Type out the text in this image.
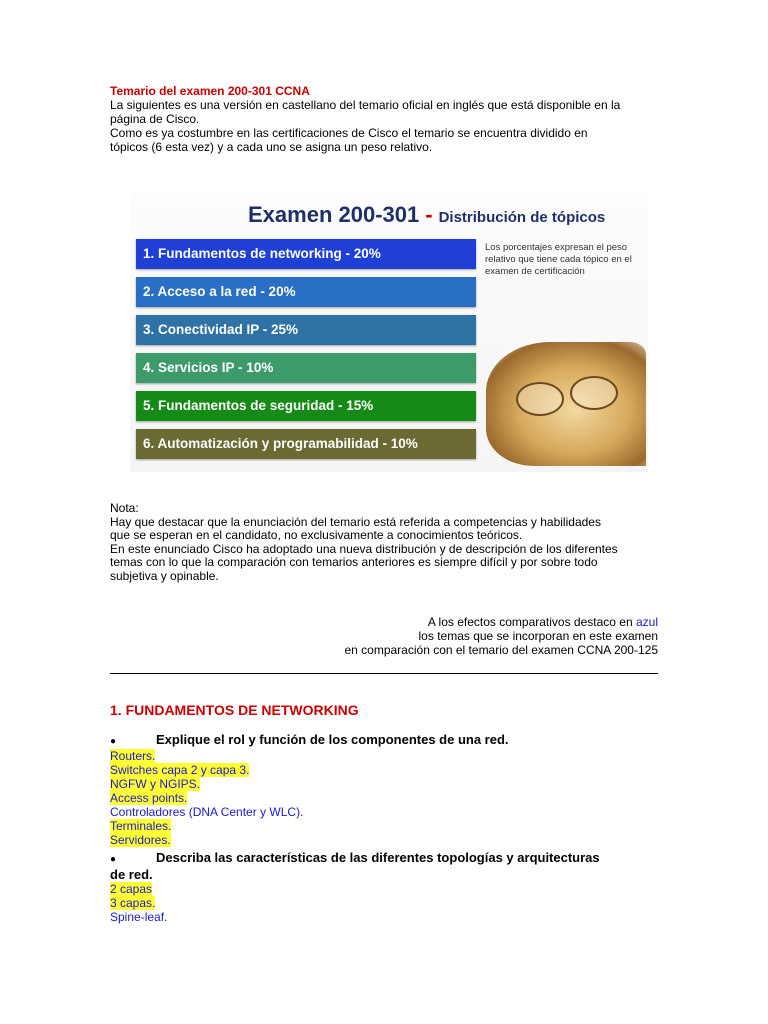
Temario del examen 200-301 CCNA

La siguientes es una versión en castellano del temario oficial en inglés que está disponible en la

página de Cisco.

Como es ya costumbre en las certificaciones de Cisco el temario se encuentra dividido en

tópicos (6 esta vez) y a cada uno se asigna un peso relativo.

Examen 200-301 - Distribución de tópicos
1. Fundamentos de networking - 20%
2. Acceso a la red - 20%
3. Conectividad IP - 25%
4. Servicios IP - 10%
5. Fundamentos de seguridad - 15%
6. Automatización y programabilidad - 10%
Los porcentajes expresan el peso relativo que tiene cada tópico en el examen de certificación

Nota:

Hay que destacar que la enunciación del temario está referida a competencias y habilidades

que se esperan en el candidato, no exclusivamente a conocimientos teóricos.

En este enunciado Cisco ha adoptado una nueva distribución y de descripción de los diferentes

temas con lo que la comparación con temarios anteriores es siempre difícil y por sobre todo

subjetiva y opinable.

A los efectos comparativos destaco en azul
los temas que se incorporan en este examen
en comparación con el temario del examen CCNA 200-125
1. FUNDAMENTOS DE NETWORKING
●	Explique el rol y función de los componentes de una red.
Routers.
Switches capa 2 y capa 3.
NGFW y NGIPS.
Access points.
Controladores (DNA Center y WLC).
Terminales.
Servidores.
●	Describa las características de las diferentes topologías y arquitecturas
de red.
2 capas
3 capas.
Spine-leaf.
